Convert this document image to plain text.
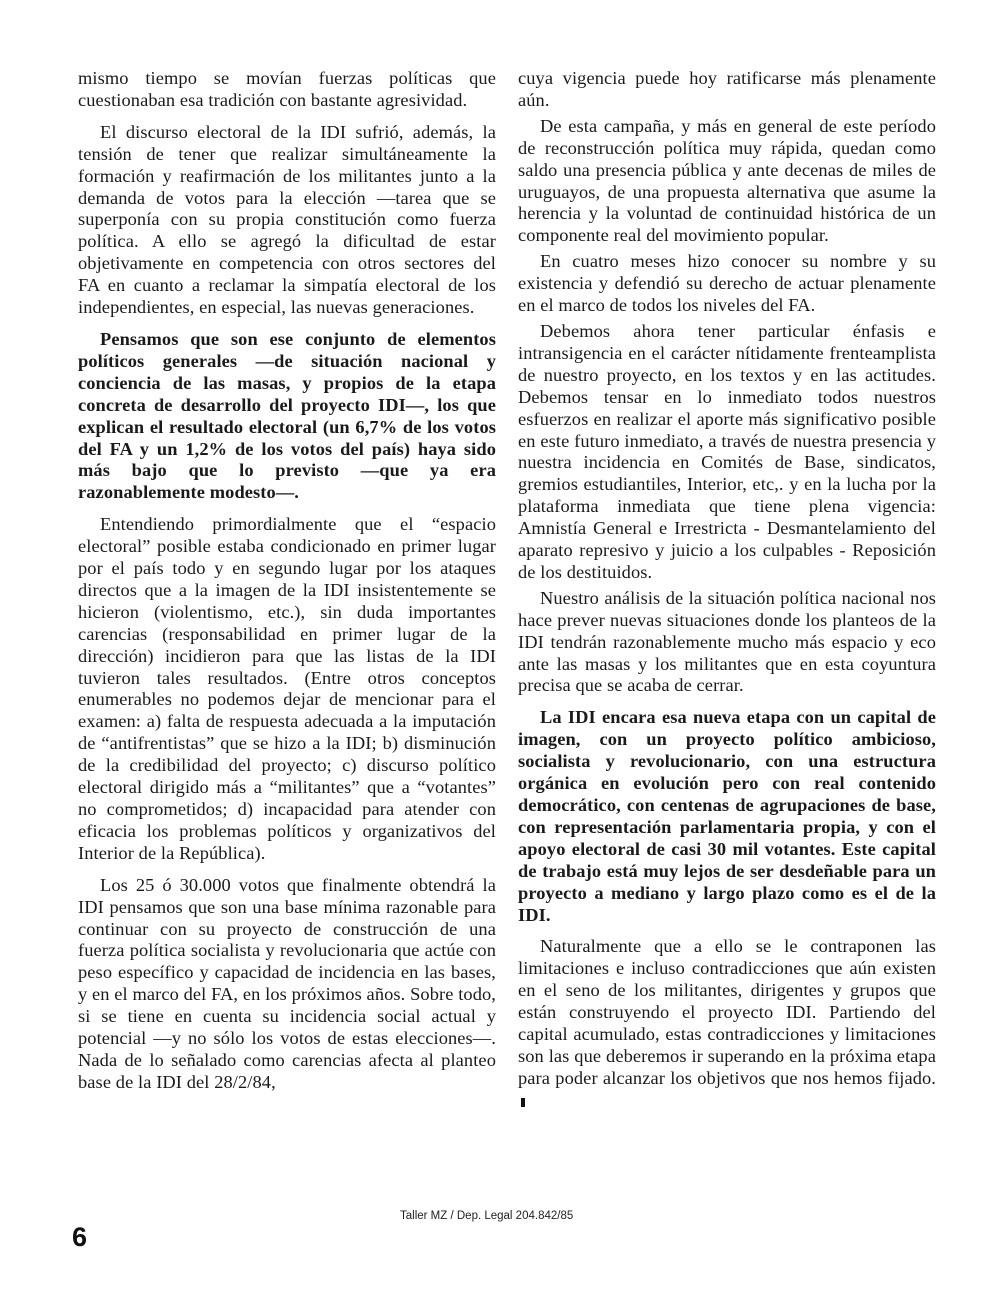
mismo tiempo se movían fuerzas políticas que cuestionaban esa tradición con bastante agresividad.

El discurso electoral de la IDI sufrió, además, la tensión de tener que realizar simultáneamente la formación y reafirmación de los militantes junto a la demanda de votos para la elección —tarea que se superponía con su propia constitución como fuerza política. A ello se agregó la dificultad de estar objetivamente en competencia con otros sectores del FA en cuanto a reclamar la simpatía electoral de los independientes, en especial, las nuevas generaciones.

Pensamos que son ese conjunto de elementos políticos generales —de situación nacional y conciencia de las masas, y propios de la etapa concreta de desarrollo del proyecto IDI—, los que explican el resultado electoral (un 6,7% de los votos del FA y un 1,2% de los votos del país) haya sido más bajo que lo previsto —que ya era razonablemente modesto—.

Entendiendo primordialmente que el “espacio electoral” posible estaba condicionado en primer lugar por el país todo y en segundo lugar por los ataques directos que a la imagen de la IDI insistentemente se hicieron (violentismo, etc.), sin duda importantes carencias (responsabilidad en primer lugar de la dirección) incidieron para que las listas de la IDI tuvieron tales resultados. (Entre otros conceptos enumerables no podemos dejar de mencionar para el examen: a) falta de respuesta adecuada a la imputación de “antifrentistas” que se hizo a la IDI; b) disminución de la credibilidad del proyecto; c) discurso político electoral dirigido más a “militantes” que a “votantes” no comprometidos; d) incapacidad para atender con eficacia los problemas políticos y organizativos del Interior de la República).

Los 25 ó 30.000 votos que finalmente obtendrá la IDI pensamos que son una base mínima razonable para continuar con su proyecto de construcción de una fuerza política socialista y revolucionaria que actúe con peso específico y capacidad de incidencia en las bases, y en el marco del FA, en los próximos años. Sobre todo, si se tiene en cuenta su incidencia social actual y potencial —y no sólo los votos de estas elecciones—. Nada de lo señalado como carencias afecta al planteo base de la IDI del 28/2/84,

cuya vigencia puede hoy ratificarse más plenamente aún.

De esta campaña, y más en general de este período de reconstrucción política muy rápida, quedan como saldo una presencia pública y ante decenas de miles de uruguayos, de una propuesta alternativa que asume la herencia y la voluntad de continuidad histórica de un componente real del movimiento popular.

En cuatro meses hizo conocer su nombre y su existencia y defendió su derecho de actuar plenamente en el marco de todos los niveles del FA.

Debemos ahora tener particular énfasis e intransigencia en el carácter nítidamente frenteamplista de nuestro proyecto, en los textos y en las actitudes. Debemos tensar en lo inmediato todos nuestros esfuerzos en realizar el aporte más significativo posible en este futuro inmediato, a través de nuestra presencia y nuestra incidencia en Comités de Base, sindicatos, gremios estudiantiles, Interior, etc,. y en la lucha por la plataforma inmediata que tiene plena vigencia: Amnistía General e Irrestricta - Desmantelamiento del aparato represivo y juicio a los culpables - Reposición de los destituidos.

Nuestro análisis de la situación política nacional nos hace prever nuevas situaciones donde los planteos de la IDI tendrán razonablemente mucho más espacio y eco ante las masas y los militantes que en esta coyuntura precisa que se acaba de cerrar.

La IDI encara esa nueva etapa con un capital de imagen, con un proyecto político ambicioso, socialista y revolucionario, con una estructura orgánica en evolución pero con real contenido democrático, con centenas de agrupaciones de base, con representación parlamentaria propia, y con el apoyo electoral de casi 30 mil votantes. Este capital de trabajo está muy lejos de ser desdeñable para un proyecto a mediano y largo plazo como es el de la IDI.

Naturalmente que a ello se le contraponen las limitaciones e incluso contradicciones que aún existen en el seno de los militantes, dirigentes y grupos que están construyendo el proyecto IDI. Partiendo del capital acumulado, estas contradicciones y limitaciones son las que deberemos ir superando en la próxima etapa para poder alcanzar los objetivos que nos hemos fijado.

Taller MZ / Dep. Legal 204.842/85
6
